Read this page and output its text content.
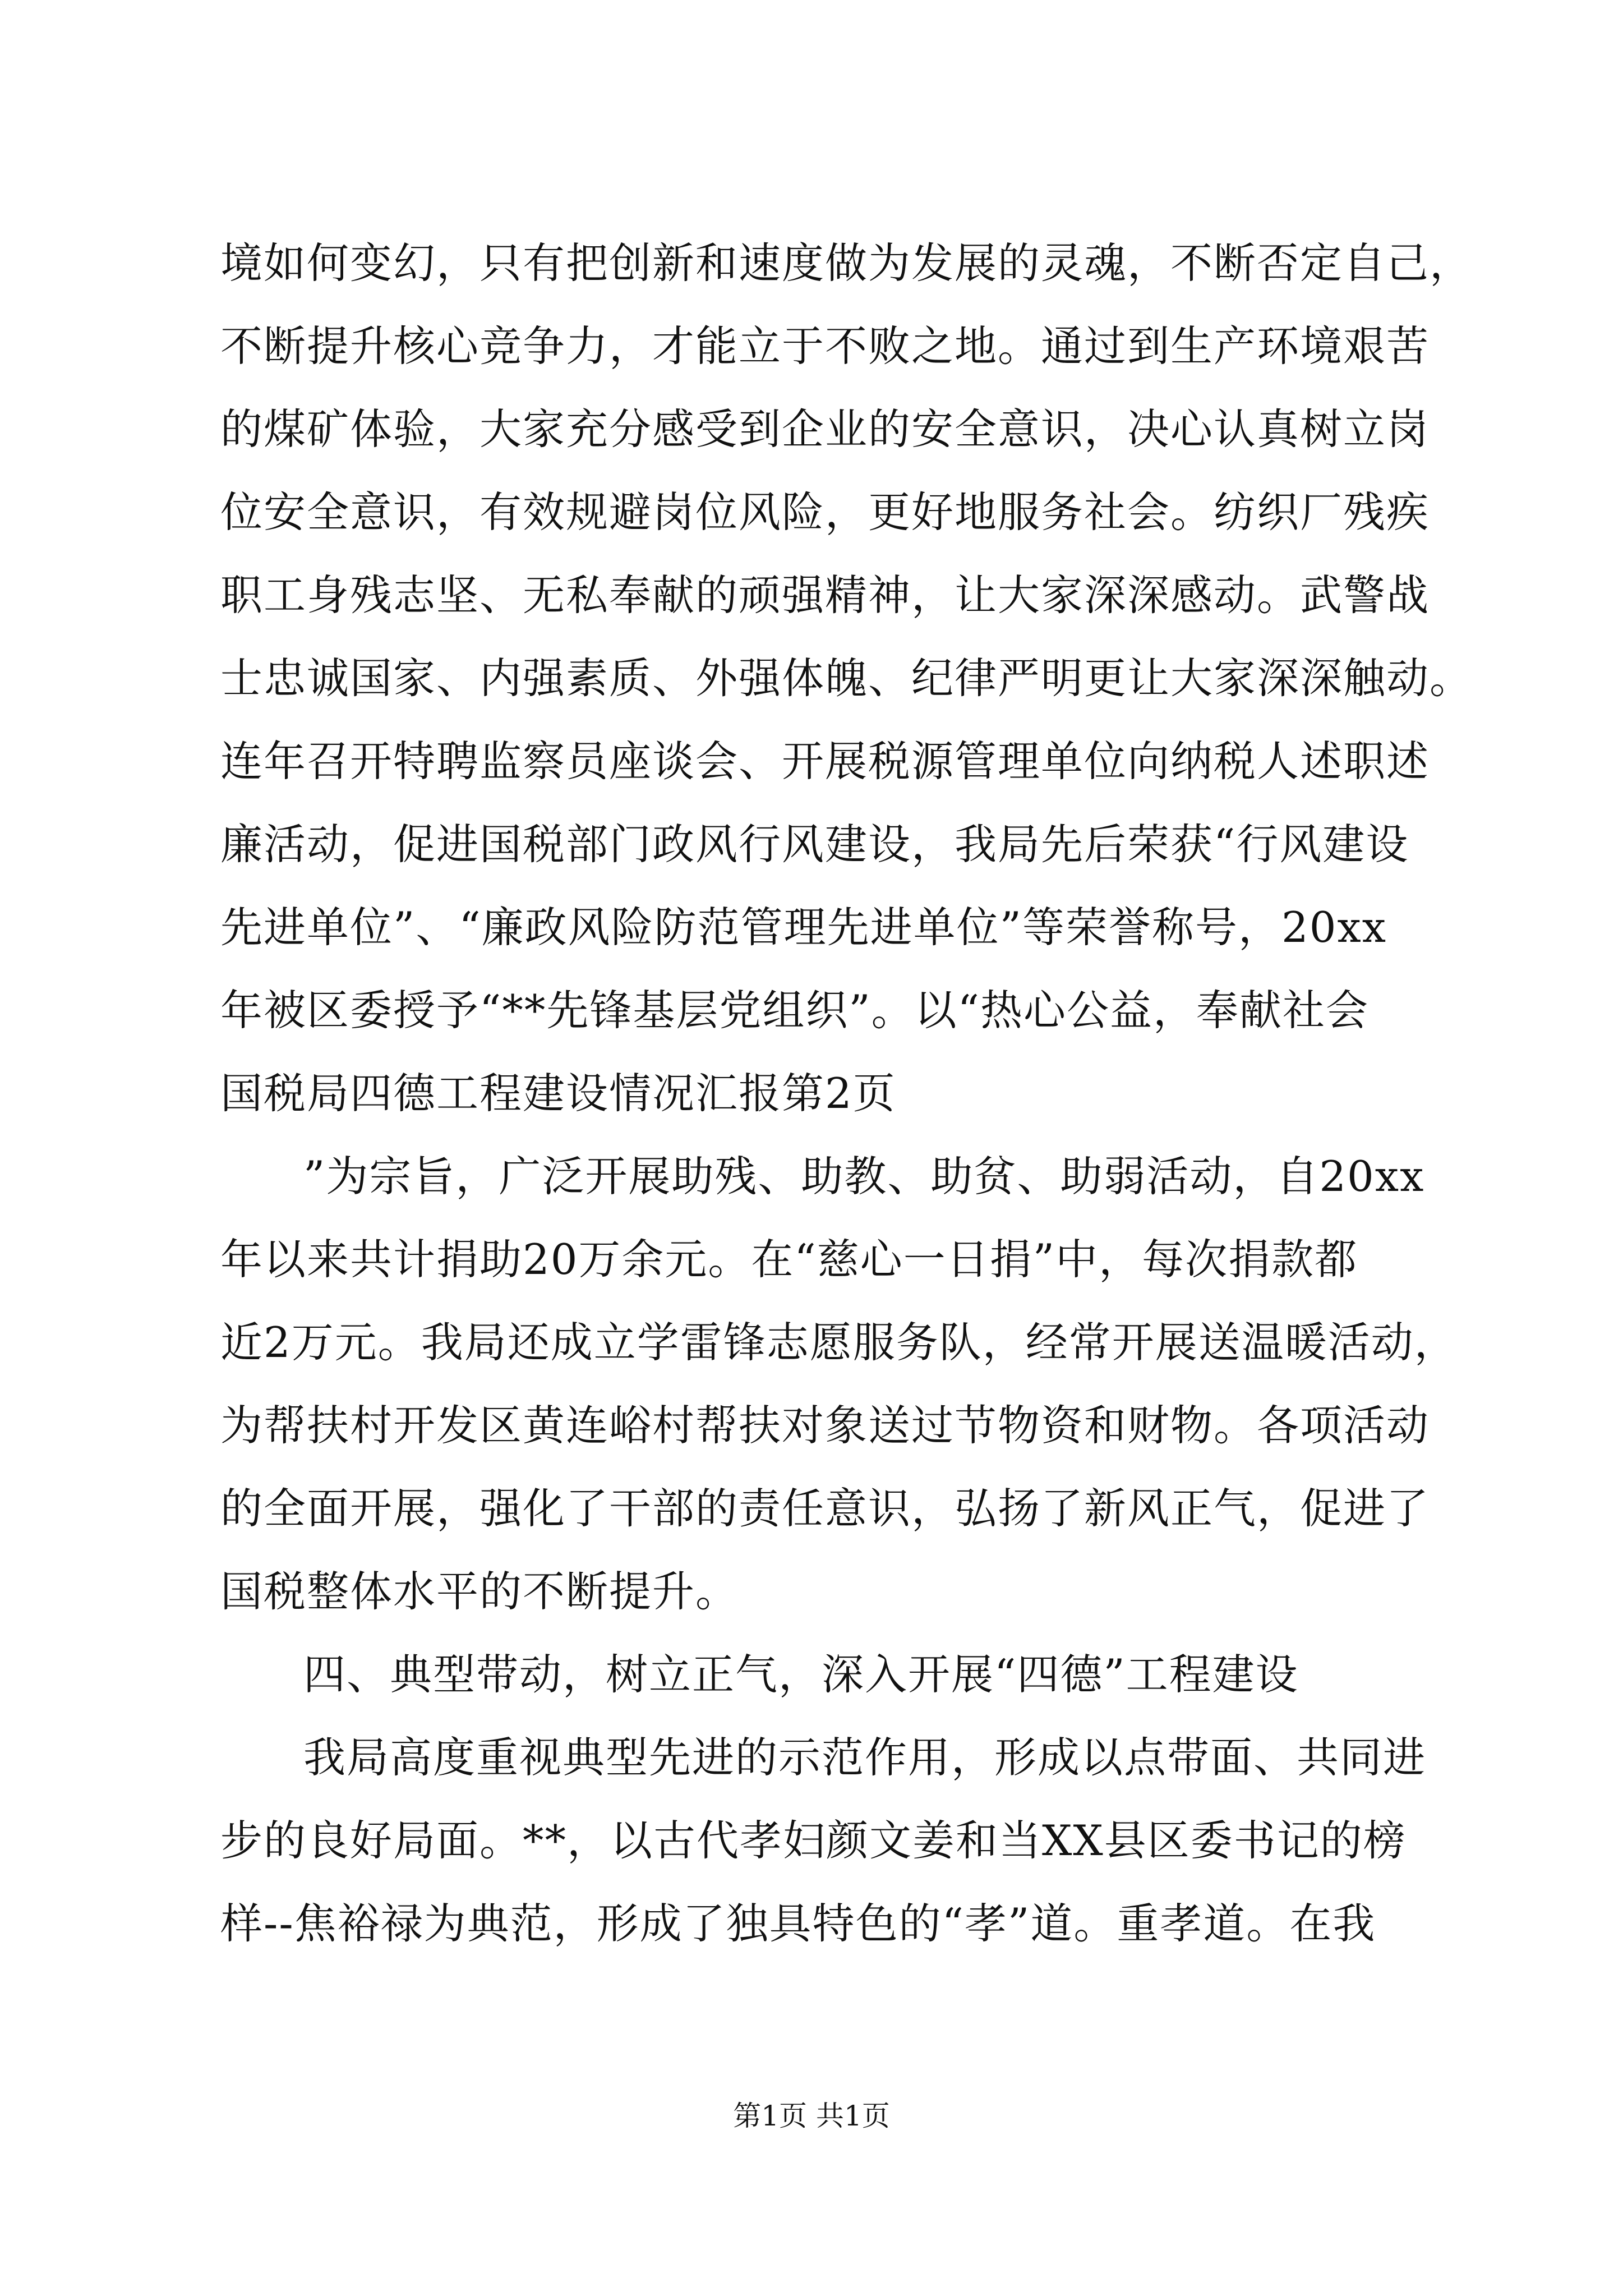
境如何变幻，只有把创新和速度做为发展的灵魂，不断否定自己，
不断提升核心竞争力，才能立于不败之地。通过到生产环境艰苦
的煤矿体验，大家充分感受到企业的安全意识，决心认真树立岗
位安全意识，有效规避岗位风险，更好地服务社会。纺织厂残疾
职工身残志坚、无私奉献的顽强精神，让大家深深感动。武警战
士忠诚国家、内强素质、外强体魄、纪律严明更让大家深深触动。
连年召开特聘监察员座谈会、开展税源管理单位向纳税人述职述
廉活动，促进国税部门政风行风建设，我局先后荣获“行风建设
先进单位”、“廉政风险防范管理先进单位”等荣誉称号，20xx
年被区委授予“**先锋基层党组织”。以“热心公益，奉献社会
国税局四德工程建设情况汇报第2页
”为宗旨，广泛开展助残、助教、助贫、助弱活动，自20xx
年以来共计捐助20万余元。在“慈心一日捐”中，每次捐款都
近2万元。我局还成立学雷锋志愿服务队，经常开展送温暖活动，
为帮扶村开发区黄连峪村帮扶对象送过节物资和财物。各项活动
的全面开展，强化了干部的责任意识，弘扬了新风正气，促进了
国税整体水平的不断提升。
四、典型带动，树立正气，深入开展“四德”工程建设
我局高度重视典型先进的示范作用，形成以点带面、共同进
步的良好局面。**，以古代孝妇颜文姜和当XX县区委书记的榜
样--焦裕禄为典范，形成了独具特色的“孝”道。重孝道。在我
第1页 共1页
